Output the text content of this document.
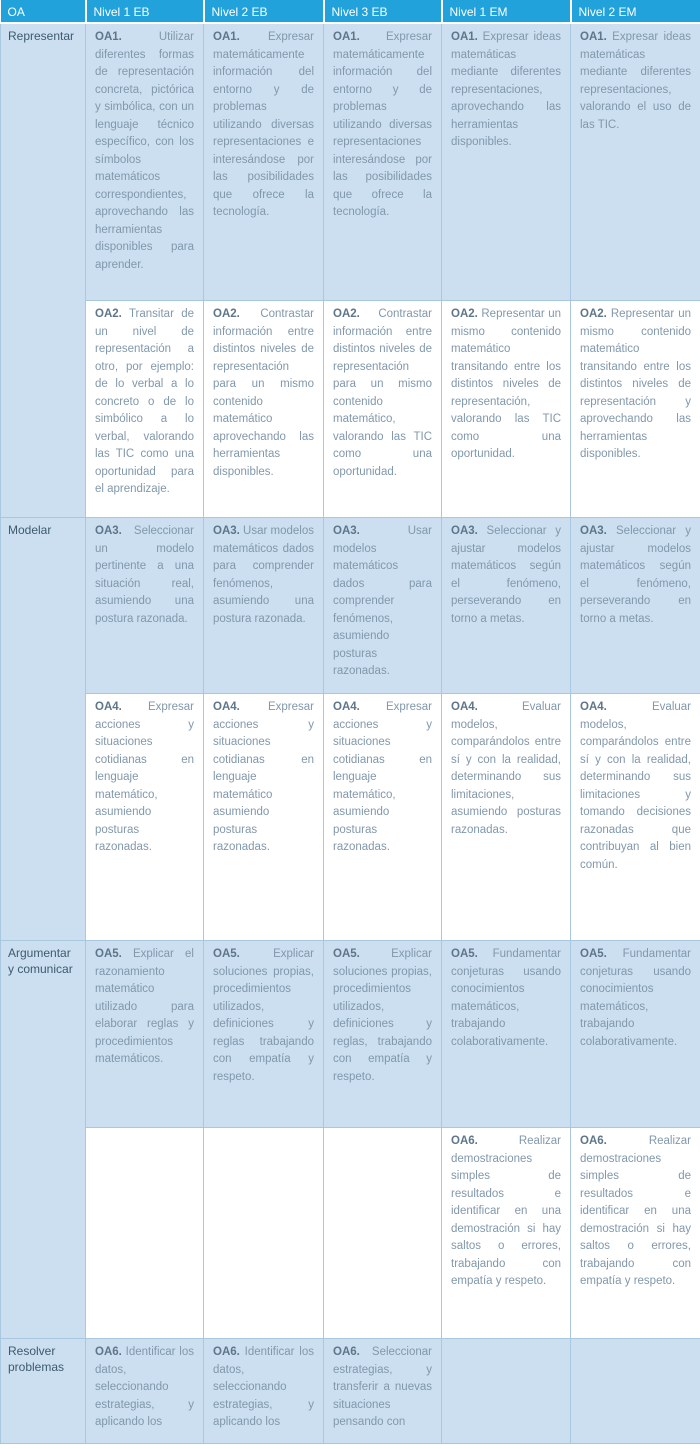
OA	Nivel 1 EB	Nivel 2 EB	Nivel 3 EB	Nivel 1 EM	Nivel 2 EM
Representar	OA1. Utilizar diferentes formas de representación concreta, pictórica y simbólica, con un lenguaje técnico específico, con los símbolos matemáticos correspondientes, aprovechando las herramientas disponibles para aprender.	OA1. Expresar matemáticamente información del entorno y de problemas utilizando diversas representaciones e interesándose por las posibilidades que ofrece la tecnología.	OA1. Expresar matemáticamente información del entorno y de problemas utilizando diversas representaciones interesándose por las posibilidades que ofrece la tecnología.	OA1. Expresar ideas matemáticas mediante diferentes representaciones, aprovechando las herramientas disponibles.	OA1. Expresar ideas matemáticas mediante diferentes representaciones, valorando el uso de las TIC.
	OA2. Transitar de un nivel de representación a otro, por ejemplo: de lo verbal a lo concreto o de lo simbólico a lo verbal, valorando las TIC como una oportunidad para el aprendizaje.	OA2. Contrastar información entre distintos niveles de representación para un mismo contenido matemático aprovechando las herramientas disponibles.	OA2. Contrastar información entre distintos niveles de representación para un mismo contenido matemático, valorando las TIC como una oportunidad.	OA2. Representar un mismo contenido matemático transitando entre los distintos niveles de representación, valorando las TIC como una oportunidad.	OA2. Representar un mismo contenido matemático transitando entre los distintos niveles de representación y aprovechando las herramientas disponibles.
Modelar	OA3. Seleccionar un modelo pertinente a una situación real, asumiendo una postura razonada.	OA3. Usar modelos matemáticos dados para comprender fenómenos, asumiendo una postura razonada.	OA3. Usar modelos matemáticos dados para comprender fenómenos, asumiendo posturas razonadas.	OA3. Seleccionar y ajustar modelos matemáticos según el fenómeno, perseverando en torno a metas.	OA3. Seleccionar y ajustar modelos matemáticos según el fenómeno, perseverando en torno a metas.
	OA4. Expresar acciones y situaciones cotidianas en lenguaje matemático, asumiendo posturas razonadas.	OA4. Expresar acciones y situaciones cotidianas en lenguaje matemático asumiendo posturas razonadas.	OA4. Expresar acciones y situaciones cotidianas en lenguaje matemático, asumiendo posturas razonadas.	OA4. Evaluar modelos, comparándolos entre sí y con la realidad, determinando sus limitaciones, asumiendo posturas razonadas.	OA4. Evaluar modelos, comparándolos entre sí y con la realidad, determinando sus limitaciones y tomando decisiones razonadas que contribuyan al bien común.
Argumentar y comunicar	OA5. Explicar el razonamiento matemático utilizado para elaborar reglas y procedimientos matemáticos.	OA5. Explicar soluciones propias, procedimientos utilizados, definiciones y reglas trabajando con empatía y respeto.	OA5. Explicar soluciones propias, procedimientos utilizados, definiciones y reglas, trabajando con empatía y respeto.	OA5. Fundamentar conjeturas usando conocimientos matemáticos, trabajando colaborativamente.	OA5. Fundamentar conjeturas usando conocimientos matemáticos, trabajando colaborativamente.
				OA6. Realizar demostraciones simples de resultados e identificar en una demostración si hay saltos o errores, trabajando con empatía y respeto.	OA6. Realizar demostraciones simples de resultados e identificar en una demostración si hay saltos o errores, trabajando con empatía y respeto.
Resolver problemas	OA6. Identificar los datos, seleccionando estrategias, y aplicando los	OA6. Identificar los datos, seleccionando estrategias, y aplicando los	OA6. Seleccionar estrategias, y transferir a nuevas situaciones pensando con		
